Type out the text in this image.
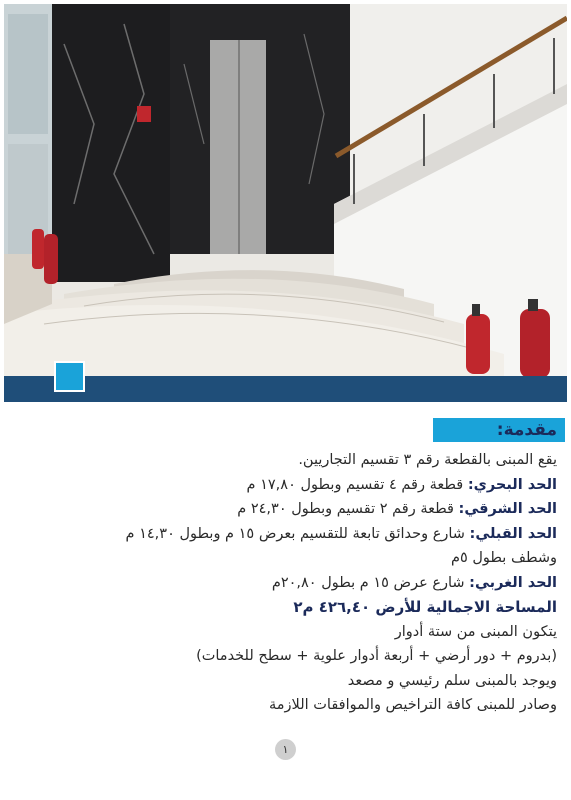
مقدمة:
يقع المبنى بالقطعة رقم ٣ تقسيم التجاريين.
الحد البحري: قطعة رقم ٤ تقسيم وبطول ١٧,٨٠ م
الحد الشرقي: قطعة رقم ٢ تقسيم وبطول ٢٤,٣٠ م
الحد القبلي: شارع وحدائق تابعة للتقسيم بعرض ١٥ م وبطول ١٤,٣٠ م
وشطف بطول ٥م
الحد الغربي: شارع عرض ١٥ م بطول ٢٠,٨٠م
المساحة الاجمالية للأرض ٤٢٦,٤٠ م٢
يتكون المبنى من ستة أدوار
(بدروم + دور أرضي + أربعة أدوار علوية + سطح للخدمات)
ويوجد بالمبنى سلم رئيسي و مصعد
وصادر للمبنى كافة التراخيص والموافقات اللازمة
١
